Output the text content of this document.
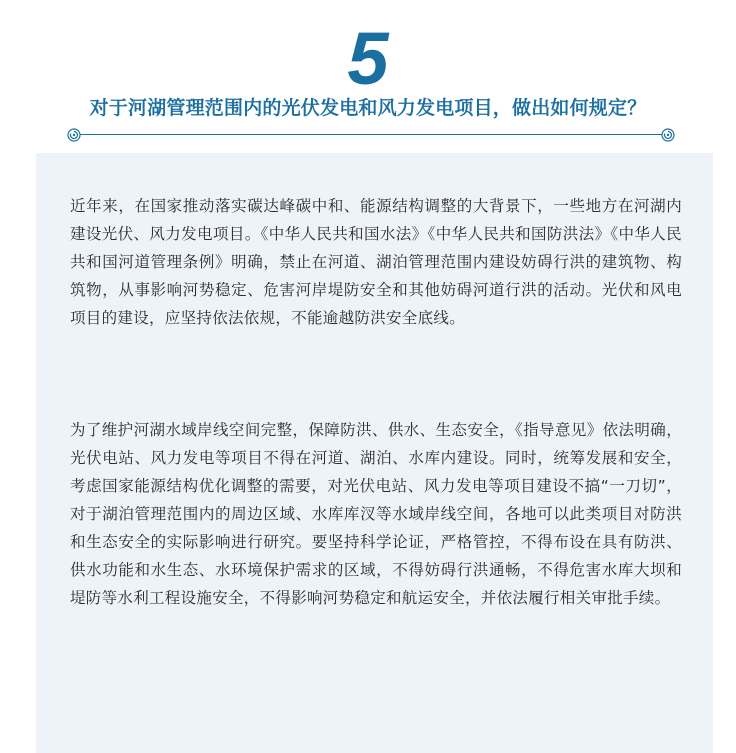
5
对于河湖管理范围内的光伏发电和风力发电项目，做出如何规定？

近年来，在国家推动落实碳达峰碳中和、能源结构调整的大背景下，一些地方在河湖内建设光伏、风力发电项目。《中华人民共和国水法》《中华人民共和国防洪法》《中华人民共和国河道管理条例》明确，禁止在河道、湖泊管理范围内建设妨碍行洪的建筑物、构筑物，从事影响河势稳定、危害河岸堤防安全和其他妨碍河道行洪的活动。光伏和风电项目的建设，应坚持依法依规，不能逾越防洪安全底线。

为了维护河湖水域岸线空间完整，保障防洪、供水、生态安全，《指导意见》依法明确，光伏电站、风力发电等项目不得在河道、湖泊、水库内建设。同时，统筹发展和安全，考虑国家能源结构优化调整的需要，对光伏电站、风力发电等项目建设不搞“一刀切”，对于湖泊管理范围内的周边区域、水库库汊等水域岸线空间，各地可以此类项目对防洪和生态安全的实际影响进行研究。要坚持科学论证，严格管控，不得布设在具有防洪、供水功能和水生态、水环境保护需求的区域，不得妨碍行洪通畅，不得危害水库大坝和堤防等水利工程设施安全，不得影响河势稳定和航运安全，并依法履行相关审批手续。
